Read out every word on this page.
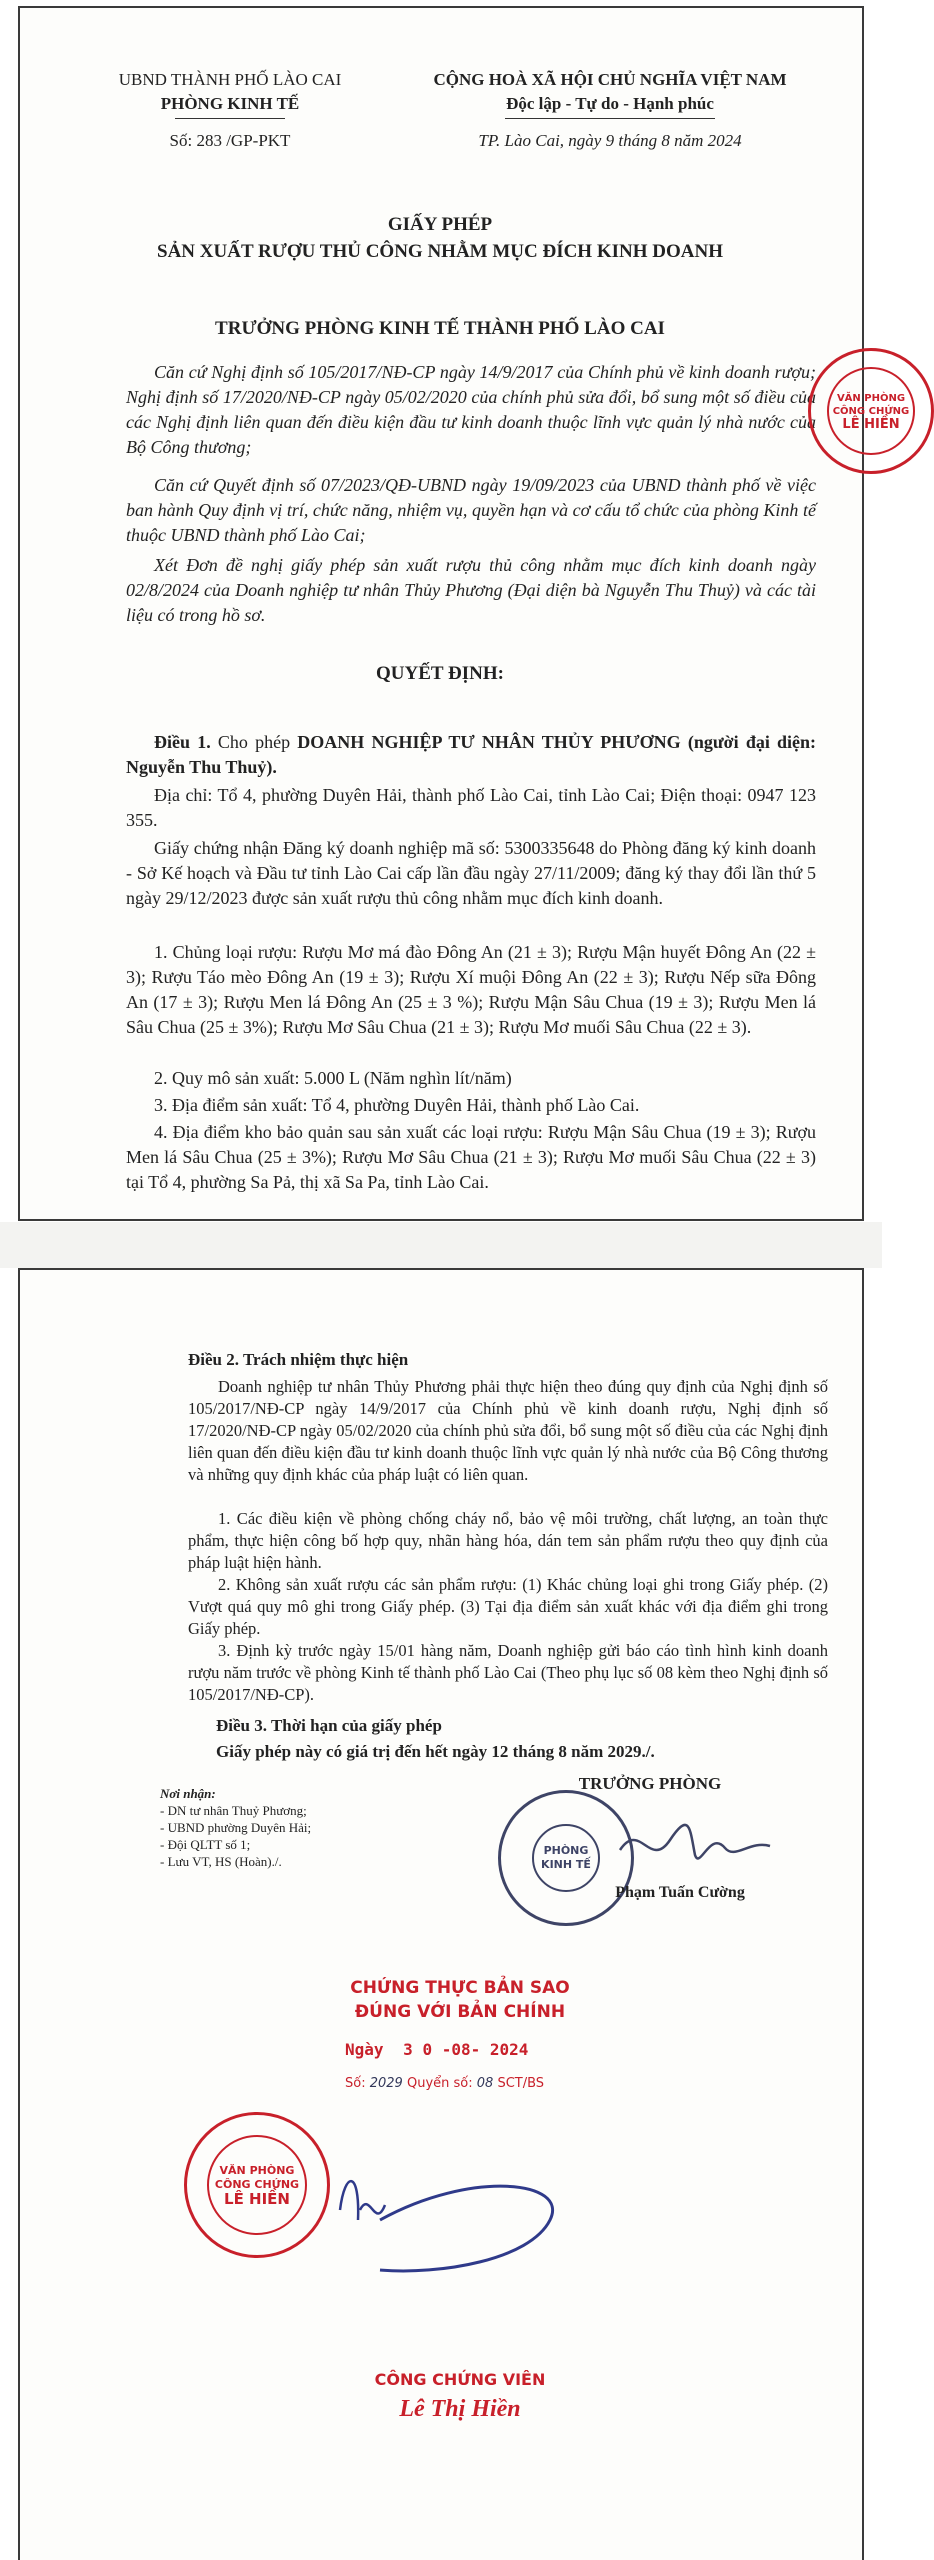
UBND THÀNH PHỐ LÀO CAI
PHÒNG KINH TẾ
Số: 283 /GP-PKT
CỘNG HOÀ XÃ HỘI CHỦ NGHĨA VIỆT NAM
Độc lập - Tự do - Hạnh phúc
TP. Lào Cai, ngày 9 tháng 8 năm 2024
GIẤY PHÉP
SẢN XUẤT RƯỢU THỦ CÔNG NHẰM MỤC ĐÍCH KINH DOANH
TRƯỞNG PHÒNG KINH TẾ THÀNH PHỐ LÀO CAI
Căn cứ Nghị định số 105/2017/NĐ-CP ngày 14/9/2017 của Chính phủ về kinh doanh rượu; Nghị định số 17/2020/NĐ-CP ngày 05/02/2020 của chính phủ sửa đổi, bổ sung một số điều của các Nghị định liên quan đến điều kiện đầu tư kinh doanh thuộc lĩnh vực quản lý nhà nước của Bộ Công thương;
Căn cứ Quyết định số 07/2023/QĐ-UBND ngày 19/09/2023 của UBND thành phố về việc ban hành Quy định vị trí, chức năng, nhiệm vụ, quyền hạn và cơ cấu tổ chức của phòng Kinh tế thuộc UBND thành phố Lào Cai;
Xét Đơn đề nghị giấy phép sản xuất rượu thủ công nhằm mục đích kinh doanh ngày 02/8/2024 của Doanh nghiệp tư nhân Thủy Phương (Đại diện bà Nguyễn Thu Thuỷ) và các tài liệu có trong hồ sơ.
QUYẾT ĐỊNH:
Điều 1. Cho phép DOANH NGHIỆP TƯ NHÂN THỦY PHƯƠNG (người đại diện: Nguyễn Thu Thuỷ).
Địa chỉ: Tổ 4, phường Duyên Hải, thành phố Lào Cai, tỉnh Lào Cai; Điện thoại: 0947 123 355.
Giấy chứng nhận Đăng ký doanh nghiệp mã số: 5300335648 do Phòng đăng ký kinh doanh - Sở Kế hoạch và Đầu tư tỉnh Lào Cai cấp lần đầu ngày 27/11/2009; đăng ký thay đổi lần thứ 5 ngày 29/12/2023 được sản xuất rượu thủ công nhằm mục đích kinh doanh.
1. Chủng loại rượu: Rượu Mơ má đào Đông An (21 ± 3); Rượu Mận huyết Đông An (22 ± 3); Rượu Táo mèo Đông An (19 ± 3); Rượu Xí muội Đông An (22 ± 3); Rượu Nếp sữa Đông An (17 ± 3); Rượu Men lá Đông An (25 ± 3 %); Rượu Mận Sâu Chua (19 ± 3); Rượu Men lá Sâu Chua (25 ± 3%); Rượu Mơ Sâu Chua (21 ± 3); Rượu Mơ muối Sâu Chua (22 ± 3).
2. Quy mô sản xuất: 5.000 L (Năm nghìn lít/năm)
3. Địa điểm sản xuất: Tổ 4, phường Duyên Hải, thành phố Lào Cai.
4. Địa điểm kho bảo quản sau sản xuất các loại rượu: Rượu Mận Sâu Chua (19 ± 3); Rượu Men lá Sâu Chua (25 ± 3%); Rượu Mơ Sâu Chua (21 ± 3); Rượu Mơ muối Sâu Chua (22 ± 3) tại Tổ 4, phường Sa Pả, thị xã Sa Pa, tỉnh Lào Cai.
VĂN PHÒNG
CÔNG CHỨNG
LÊ HIỀN
Điều 2. Trách nhiệm thực hiện
Doanh nghiệp tư nhân Thủy Phương phải thực hiện theo đúng quy định của Nghị định số 105/2017/NĐ-CP ngày 14/9/2017 của Chính phủ về kinh doanh rượu, Nghị định số 17/2020/NĐ-CP ngày 05/02/2020 của chính phủ sửa đổi, bổ sung một số điều của các Nghị định liên quan đến điều kiện đầu tư kinh doanh thuộc lĩnh vực quản lý nhà nước của Bộ Công thương và những quy định khác của pháp luật có liên quan.
1. Các điều kiện về phòng chống cháy nổ, bảo vệ môi trường, chất lượng, an toàn thực phẩm, thực hiện công bố hợp quy, nhãn hàng hóa, dán tem sản phẩm rượu theo quy định của pháp luật hiện hành.
2. Không sản xuất rượu các sản phẩm rượu: (1) Khác chủng loại ghi trong Giấy phép. (2) Vượt quá quy mô ghi trong Giấy phép. (3) Tại địa điểm sản xuất khác với địa điểm ghi trong Giấy phép.
3. Định kỳ trước ngày 15/01 hàng năm, Doanh nghiệp gửi báo cáo tình hình kinh doanh rượu năm trước về phòng Kinh tế thành phố Lào Cai (Theo phụ lục số 08 kèm theo Nghị định số 105/2017/NĐ-CP).
Điều 3. Thời hạn của giấy phép
Giấy phép này có giá trị đến hết ngày 12 tháng 8 năm 2029./.
Nơi nhận:
- DN tư nhân Thuỷ Phương;
- UBND phường Duyên Hải;
- Đội QLTT số 1;
- Lưu VT, HS (Hoàn)./.
TRƯỞNG PHÒNG
PHÒNG
KINH TẾ
Phạm Tuấn Cường
CHỨNG THỰC BẢN SAO
ĐÚNG VỚI BẢN CHÍNH
Ngày 3 0 -08- 2024
Số: 2029 Quyển số: 08 SCT/BS
VĂN PHÒNG
CÔNG CHỨNG
LÊ HIỀN
CÔNG CHỨNG VIÊN
Lê Thị Hiền
